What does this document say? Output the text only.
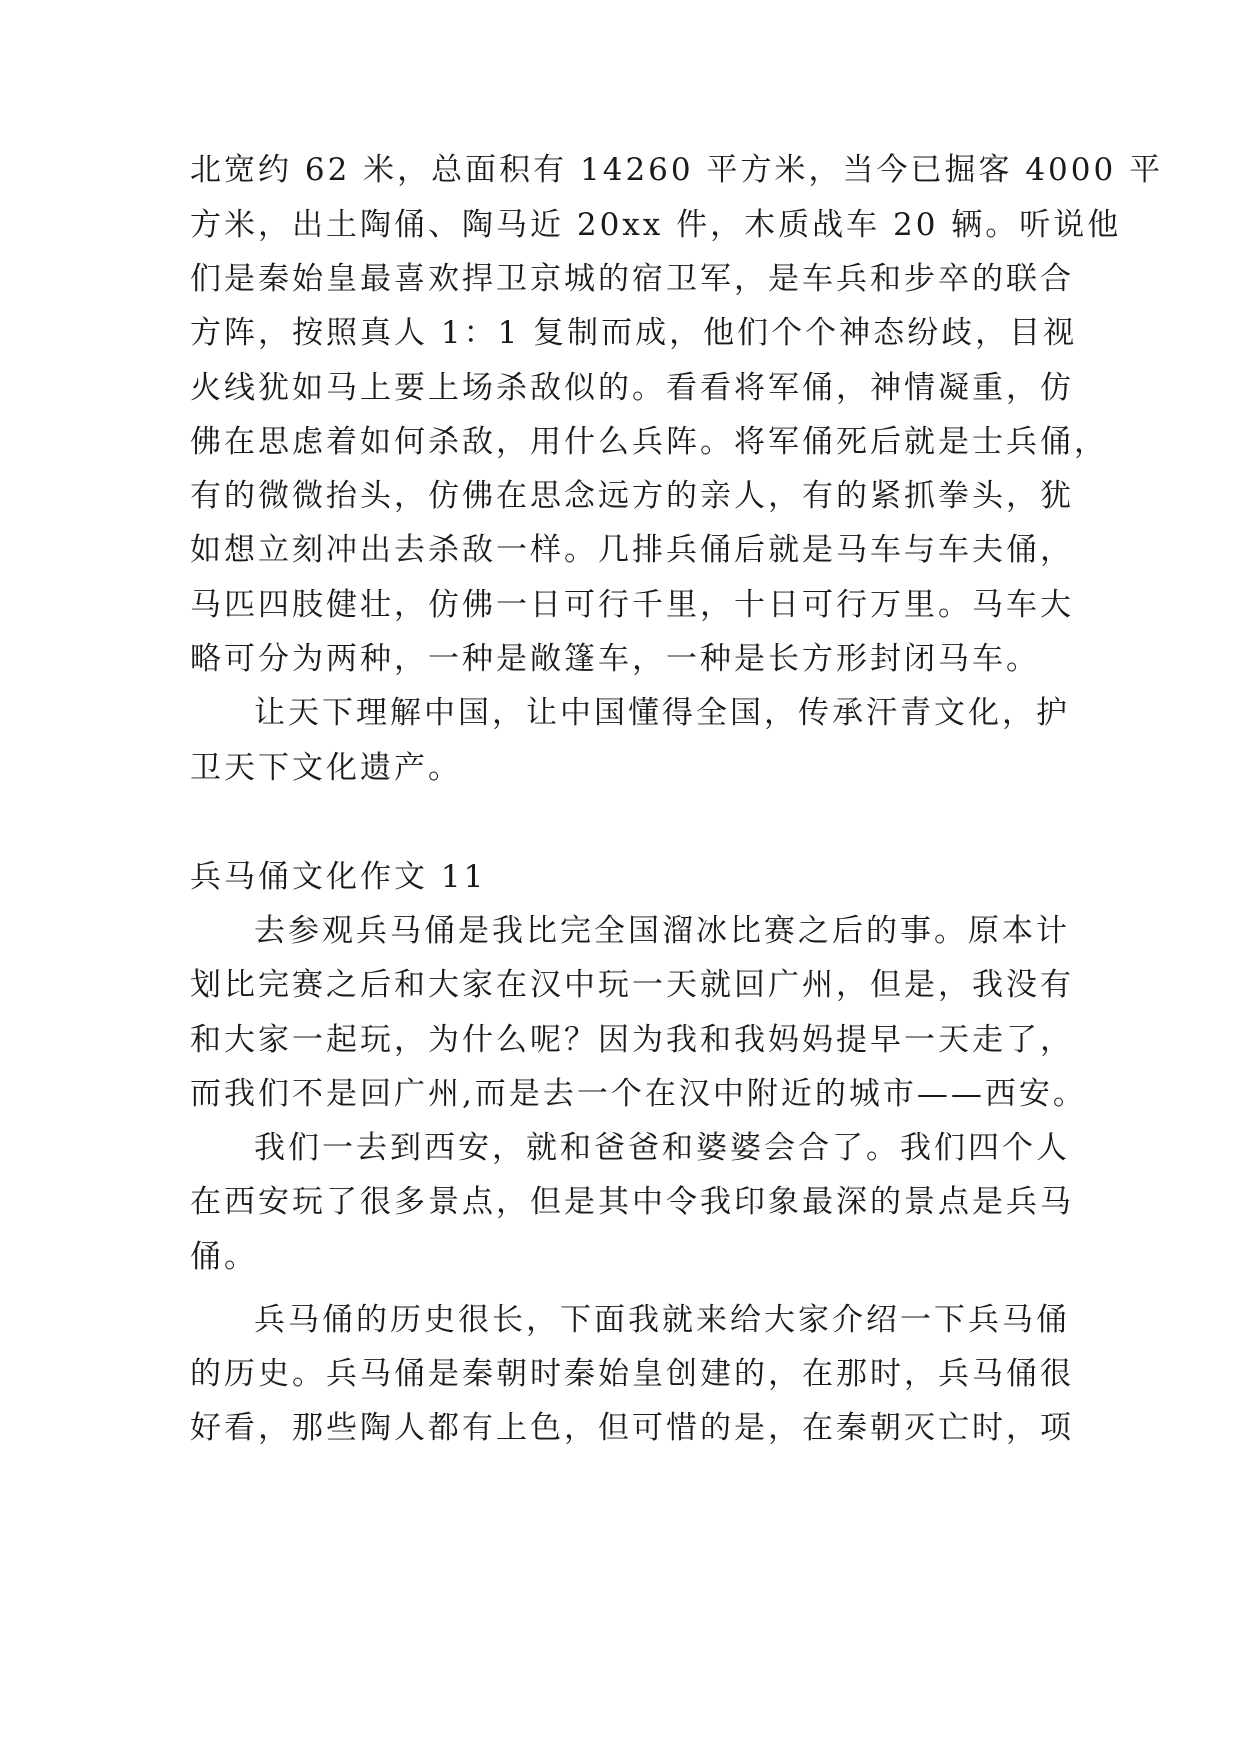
北宽约 62 米，总面积有 14260 平方米，当今已掘客 4000 平
方米，出土陶俑、陶马近 20xx 件，木质战车 20 辆。听说他
们是秦始皇最喜欢捍卫京城的宿卫军，是车兵和步卒的联合
方阵，按照真人 1：1 复制而成，他们个个神态纷歧，目视
火线犹如马上要上场杀敌似的。看看将军俑，神情凝重，仿
佛在思虑着如何杀敌，用什么兵阵。将军俑死后就是士兵俑，
有的微微抬头，仿佛在思念远方的亲人，有的紧抓拳头，犹
如想立刻冲出去杀敌一样。几排兵俑后就是马车与车夫俑，
马匹四肢健壮，仿佛一日可行千里，十日可行万里。马车大
略可分为两种，一种是敞篷车，一种是长方形封闭马车。
让天下理解中国，让中国懂得全国，传承汗青文化，护
卫天下文化遗产。
兵马俑文化作文 11
去参观兵马俑是我比完全国溜冰比赛之后的事。原本计
划比完赛之后和大家在汉中玩一天就回广州，但是，我没有
和大家一起玩，为什么呢？因为我和我妈妈提早一天走了，
而我们不是回广州,而是去一个在汉中附近的城市——西安。
我们一去到西安，就和爸爸和婆婆会合了。我们四个人
在西安玩了很多景点，但是其中令我印象最深的景点是兵马
俑。
兵马俑的历史很长，下面我就来给大家介绍一下兵马俑
的历史。兵马俑是秦朝时秦始皇创建的，在那时，兵马俑很
好看，那些陶人都有上色，但可惜的是，在秦朝灭亡时，项
